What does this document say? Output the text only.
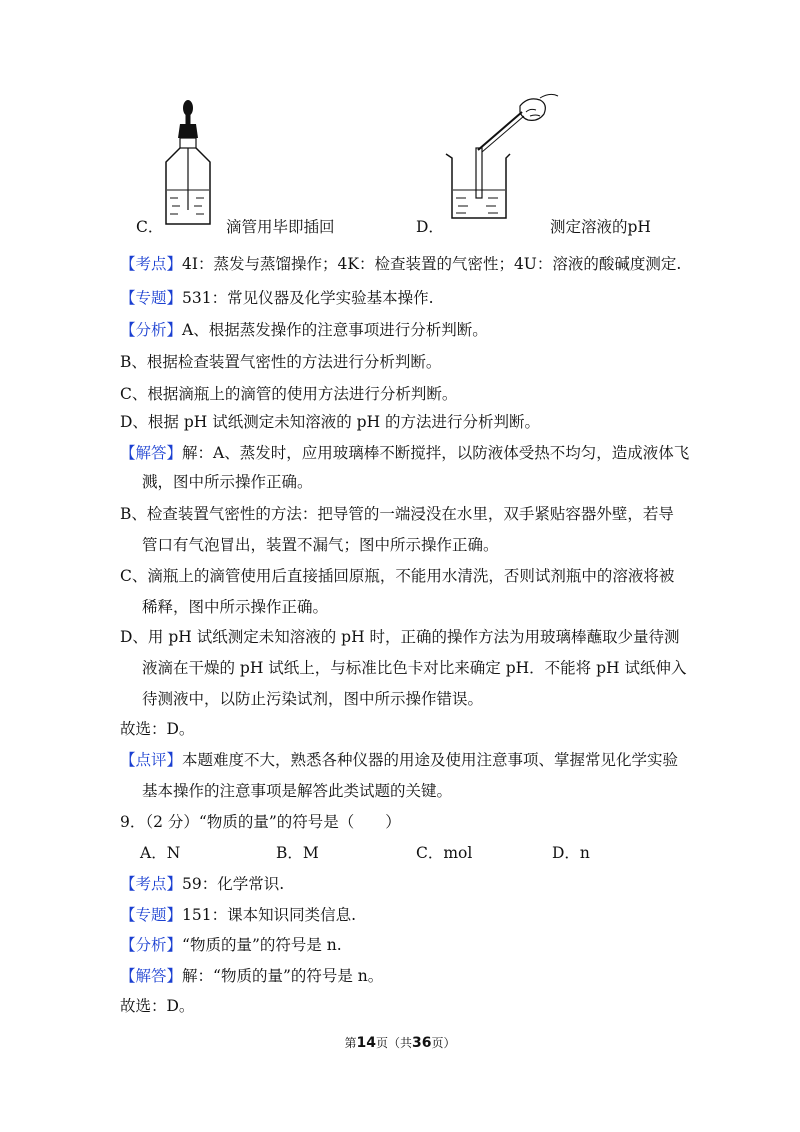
C．	滴管用毕即插回	D．	测定溶液的pH
【考点】4I：蒸发与蒸馏操作；4K：检查装置的气密性；4U：溶液的酸碱度测定.
【专题】531：常见仪器及化学实验基本操作.
【分析】A、根据蒸发操作的注意事项进行分析判断。
B、根据检查装置气密性的方法进行分析判断。
C、根据滴瓶上的滴管的使用方法进行分析判断。
D、根据 pH 试纸测定未知溶液的 pH 的方法进行分析判断。
【解答】解：A、蒸发时，应用玻璃棒不断搅拌，以防液体受热不均匀，造成液体飞
溅，图中所示操作正确。
B、检查装置气密性的方法：把导管的一端浸没在水里，双手紧贴容器外壁，若导
管口有气泡冒出，装置不漏气；图中所示操作正确。
C、滴瓶上的滴管使用后直接插回原瓶，不能用水清洗，否则试剂瓶中的溶液将被
稀释，图中所示操作正确。
D、用 pH 试纸测定未知溶液的 pH 时，正确的操作方法为用玻璃棒蘸取少量待测
液滴在干燥的 pH 试纸上，与标准比色卡对比来确定 pH．不能将 pH 试纸伸入
待测液中，以防止污染试剂，图中所示操作错误。
故选：D。
【点评】本题难度不大，熟悉各种仪器的用途及使用注意事项、掌握常见化学实验
基本操作的注意事项是解答此类试题的关键。
9．（2 分）“物质的量”的符号是（　　）
A．N	B．M	C．mol	D．n
【考点】59：化学常识.
【专题】151：课本知识同类信息.
【分析】“物质的量”的符号是 n.
【解答】解：“物质的量”的符号是 n。
故选：D。
第14页（共36页）
